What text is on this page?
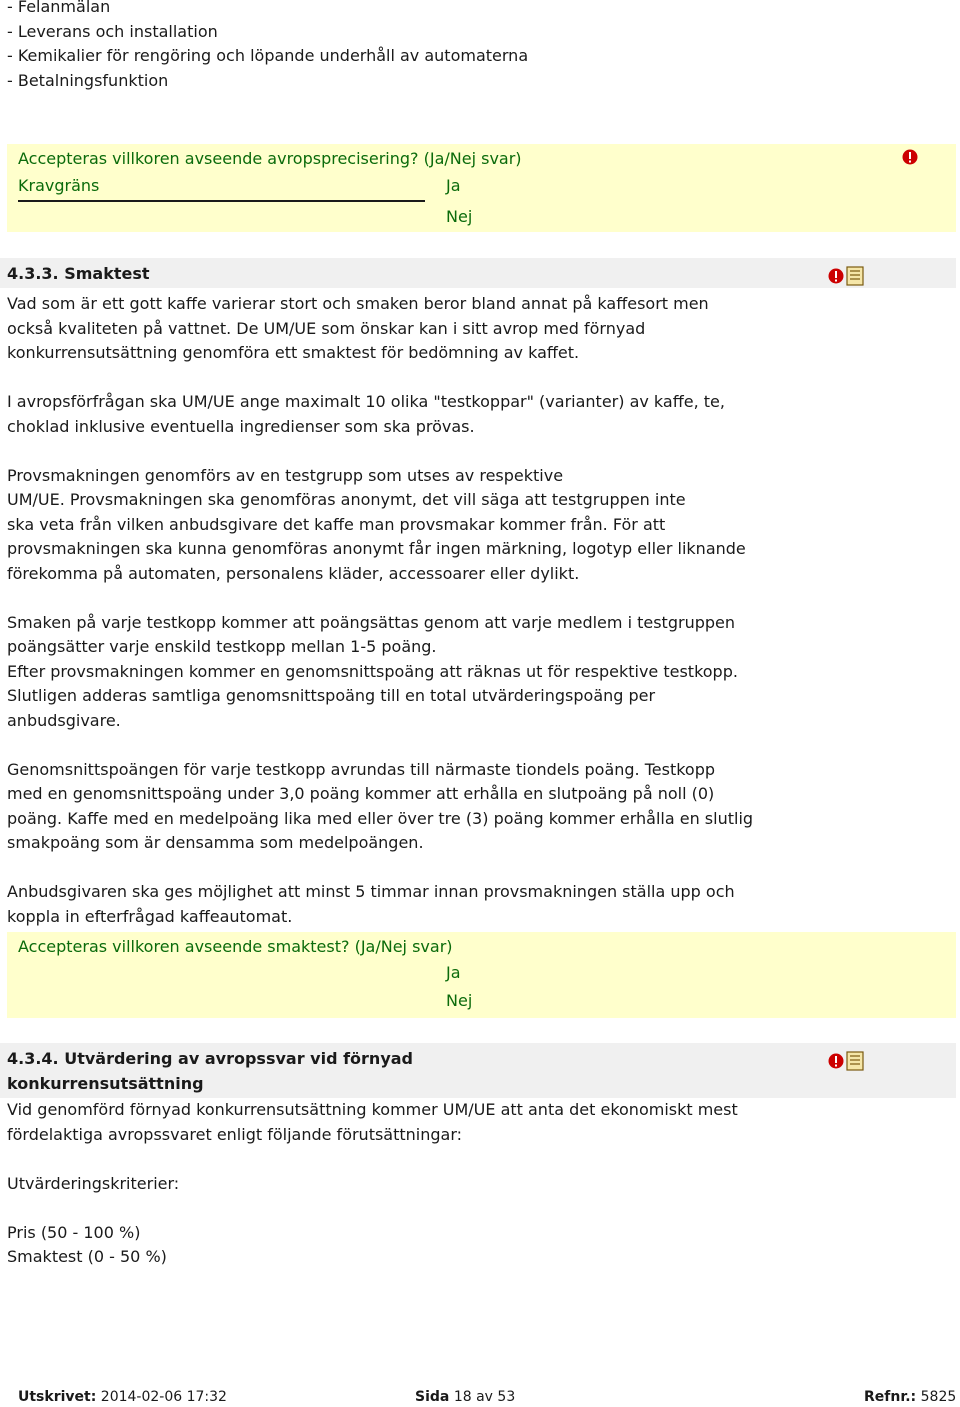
- Felanmälan
- Leverans och installation
- Kemikalier för rengöring och löpande underhåll av automaterna
- Betalningsfunktion
Accepteras villkoren avseende avropsprecisering? (Ja/Nej svar)
Kravgräns	Ja
Nej
4.3.3. Smaktest
Vad som är ett gott kaffe varierar stort och smaken beror bland annat på kaffesort men
också kvaliteten på vattnet. De UM/UE som önskar kan i sitt avrop med förnyad
konkurrensutsättning genomföra ett smaktest för bedömning av kaffet.
I avropsförfrågan ska UM/UE ange maximalt 10 olika "testkoppar" (varianter) av kaffe, te,
choklad inklusive eventuella ingredienser som ska prövas.
Provsmakningen genomförs av en testgrupp som utses av respektive
UM/UE. Provsmakningen ska genomföras anonymt, det vill säga att testgruppen inte
ska veta från vilken anbudsgivare det kaffe man provsmakar kommer från. För att
provsmakningen ska kunna genomföras anonymt får ingen märkning, logotyp eller liknande
förekomma på automaten, personalens kläder, accessoarer eller dylikt.
Smaken på varje testkopp kommer att poängsättas genom att varje medlem i testgruppen
poängsätter varje enskild testkopp mellan 1-5 poäng.
Efter provsmakningen kommer en genomsnittspoäng att räknas ut för respektive testkopp.
Slutligen adderas samtliga genomsnittspoäng till en total utvärderingspoäng per
anbudsgivare.
Genomsnittspoängen för varje testkopp avrundas till närmaste tiondels poäng. Testkopp
med en genomsnittspoäng under 3,0 poäng kommer att erhålla en slutpoäng på noll (0)
poäng. Kaffe med en medelpoäng lika med eller över tre (3) poäng kommer erhålla en slutlig
smakpoäng som är densamma som medelpoängen.
Anbudsgivaren ska ges möjlighet att minst 5 timmar innan provsmakningen ställa upp och
koppla in efterfrågad kaffeautomat.
Accepteras villkoren avseende smaktest? (Ja/Nej svar)
Ja
Nej
4.3.4. Utvärdering av avropssvar vid förnyad
konkurrensutsättning
Vid genomförd förnyad konkurrensutsättning kommer UM/UE att anta det ekonomiskt mest
fördelaktiga avropssvaret enligt följande förutsättningar:
Utvärderingskriterier:
Pris (50 - 100 %)
Smaktest (0 - 50 %)
Utskrivet: 2014-02-06 17:32	Sida 18 av 53	Refnr.: 5825
